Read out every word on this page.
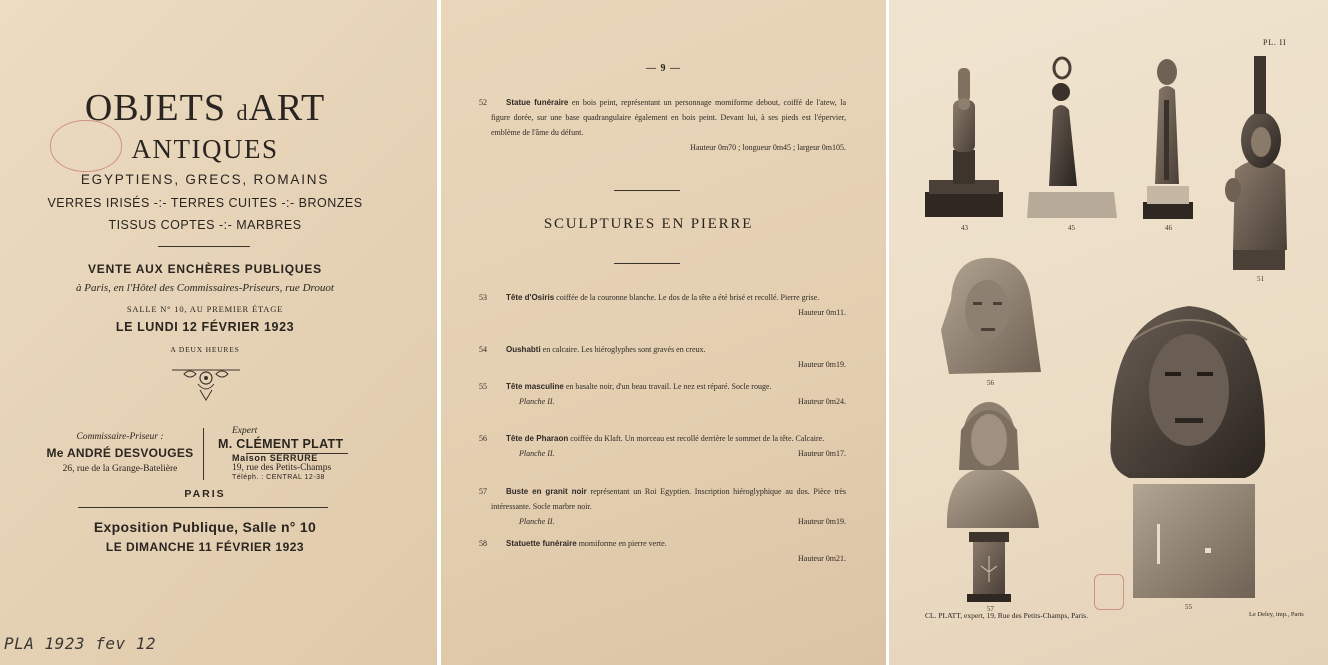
OBJETS dART
ANTIQUES
EGYPTIENS, GRECS, ROMAINS
VERRES IRISÉS -:- TERRES CUITES -:- BRONZES
TISSUS COPTES -:- MARBRES
VENTE AUX ENCHÈRES PUBLIQUES
à Paris, en l'Hôtel des Commissaires-Priseurs, rue Drouot
SALLE N° 10, AU PREMIER ÉTAGE
LE LUNDI 12 FÉVRIER 1923
A DEUX HEURES
Commissaire-Priseur :
Me ANDRÉ DESVOUGES
26, rue de la Grange-Batelière
Expert
M. CLÉMENT PLATT
Maison SERRURE
19, rue des Petits-Champs
Téléph. : CENTRAL 12-38
PARIS
Exposition Publique, Salle n° 10
LE DIMANCHE 11 FÉVRIER 1923
PLA 1923 fev 12
— 9 —
52	Statue funéraire en bois peint, représentant un personnage momiforme debout, coiffé de l'atew, la figure dorée, sur une base quadrangulaire également en bois peint. Devant lui, à ses pieds est l'épervier, emblème de l'âme du défunt.
Hauteur 0m70 ; longueur 0m45 ; largeur 0m105.
SCULPTURES EN PIERRE
53	Tête d'Osiris coiffée de la couronne blanche. Le dos de la tête a été brisé et recollé. Pierre grise.
Hauteur 0m11.
54	Oushabti en calcaire. Les hiéroglyphes sont gravés en creux.
Hauteur 0m19.
55	Tête masculine en basalte noir, d'un beau travail. Le nez est réparé. Socle rouge.
Planche II.	Hauteur 0m24.
56	Tête de Pharaon coiffée du Klaft. Un morceau est recollé derrière le sommet de la tête. Calcaire.
Planche II.	Hauteur 0m17.
57	Buste en granit noir représentant un Roi Egyptien. Inscription hiéroglyphique au dos. Pièce très intéressante. Socle marbre noir.
Planche II.	Hauteur 0m19.
58	Statuette funéraire momiforme en pierre verte.
Hauteur 0m21.
PL. II
43	45	46
51
56
57	55
CL. PLATT, expert, 19, Rue des Petits-Champs, Paris.	Le Deley, imp., Paris
